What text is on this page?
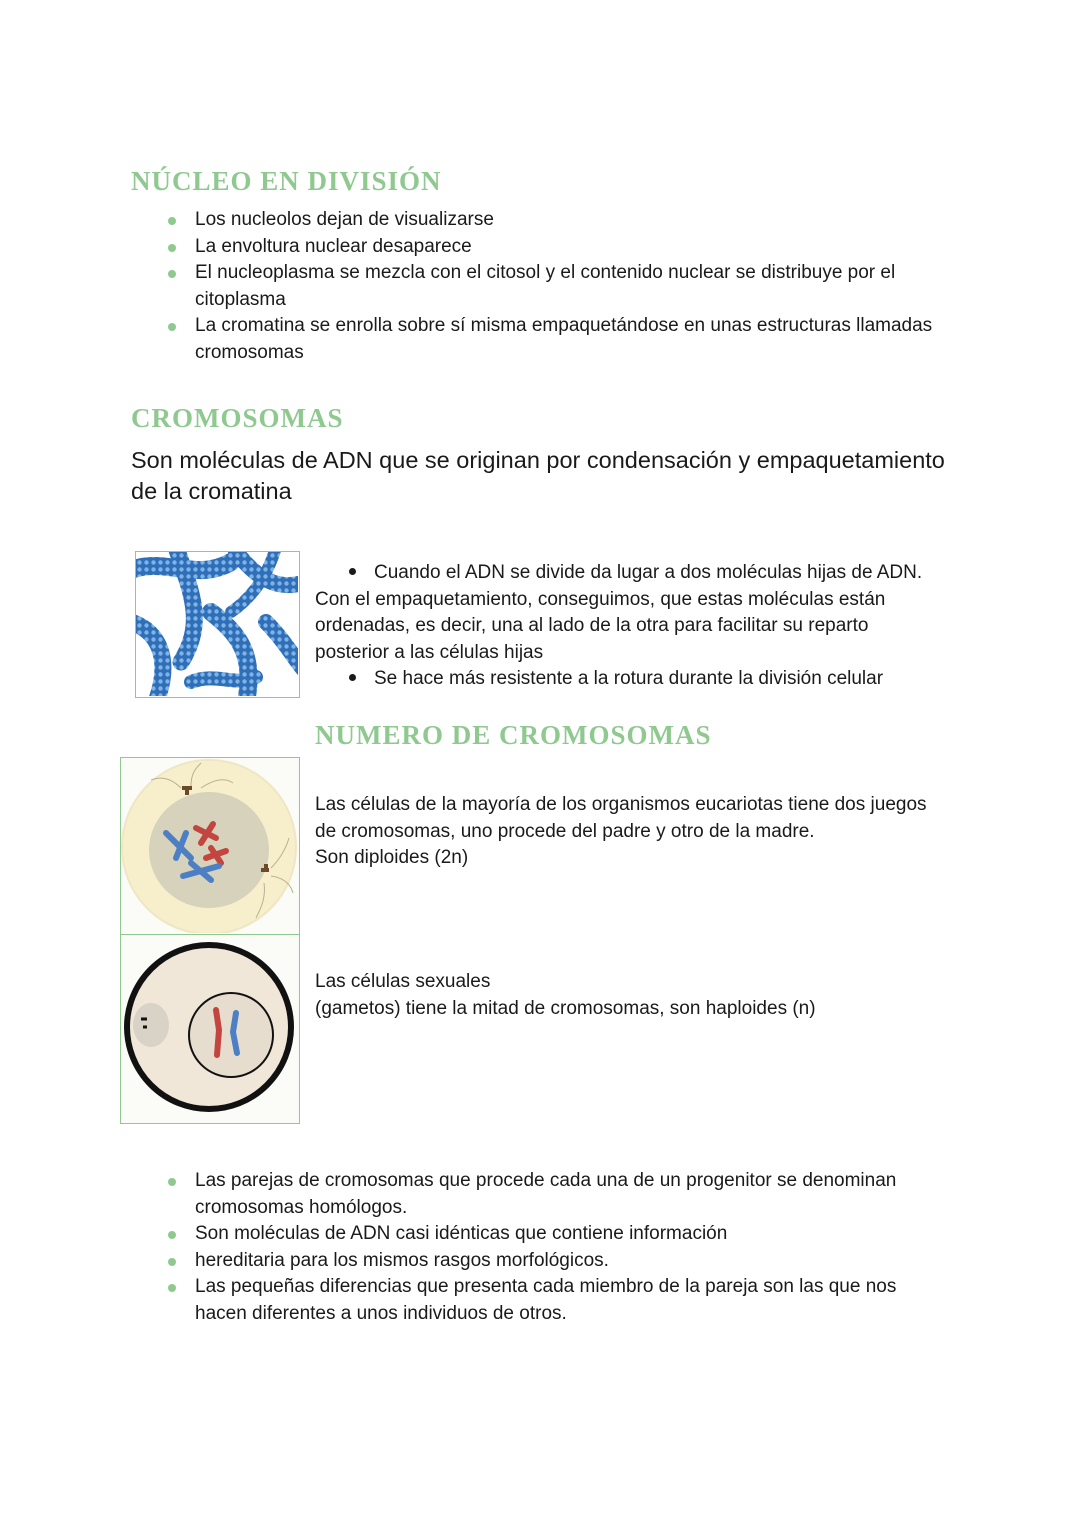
NÚCLEO EN DIVISIÓN
Los nucleolos dejan de visualizarse
La envoltura nuclear desaparece
El nucleoplasma se mezcla con el citosol y el contenido nuclear se distribuye por el citoplasma
La cromatina se enrolla sobre sí misma empaquetándose en unas estructuras llamadas cromosomas
CROMOSOMAS

Son moléculas de ADN que se originan por condensación y empaquetamiento de la cromatina

Cuando el ADN se divide da lugar a dos moléculas hijas de ADN. Con el empaquetamiento, conseguimos, que estas moléculas están ordenadas, es decir, una al lado de la otra para facilitar su reparto posterior a las células hijas

Se hace más resistente a la rotura durante la división celular

NUMERO DE CROMOSOMAS

Las células de la mayoría de los organismos eucariotas tiene dos juegos de cromosomas, uno procede del padre y otro de la madre.
Son diploides (2n)

Las células sexuales
(gametos) tiene la mitad de cromosomas, son haploides (n)

Las parejas de cromosomas que procede cada una de un progenitor se denominan cromosomas homólogos.
Son moléculas de ADN casi idénticas que contiene información
hereditaria para los mismos rasgos morfológicos.
Las pequeñas diferencias que presenta cada miembro de la pareja son las que nos hacen diferentes a unos individuos de otros.
